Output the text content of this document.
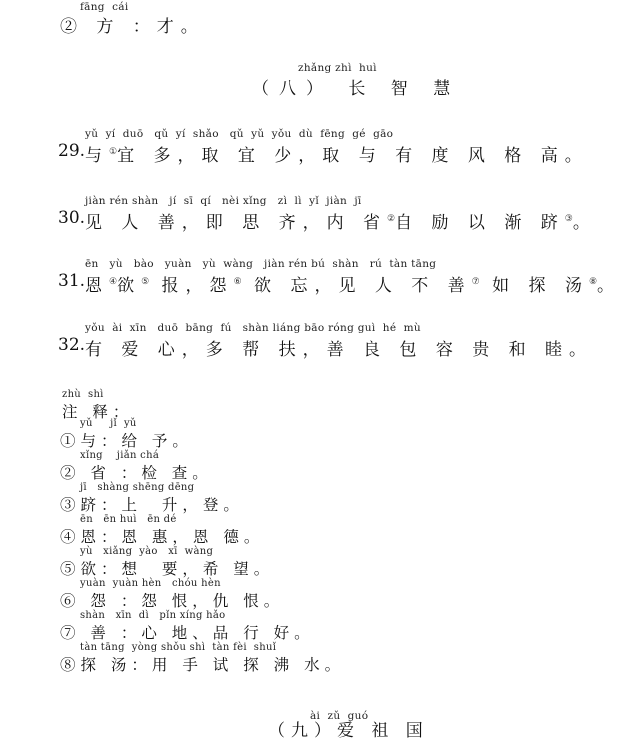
fāng  cái
② 方 ：才。
zhǎng zhì  huì
（八） 长 智 慧
yǔ  yí  duō   qǔ  yí  shǎo   qǔ  yǔ  yǒu  dù  fēng  gé  gāo
29. 与①宜 多，取 宜 少，取 与 有 度 风 格 高。
jiàn rén shàn   jí  sī  qí   nèi xǐng   zì  lì  yǐ  jiàn  jī
30. 见 人 善，即 思 齐，内 省②自 励 以 渐 跻③。
ēn   yù   bào   yuàn   yù  wàng   jiàn rén bú  shàn   rú  tàn tāng
31. 恩④欲⑤ 报，怨⑥ 欲 忘，见 人 不 善⑦ 如 探 汤⑧。
yǒu  ài  xīn   duō  bāng  fú   shàn liáng bāo róng guì  hé  mù
32. 有 爱 心，多 帮 扶，善 良 包 容 贵 和 睦。
zhù  shì
注 释：
yǔ     jǐ  yǔ
①与：给 予。
xǐng    jiǎn chá
② 省 ：检 查。
jī   shàng shēng dēng
③跻：上  升，登。
ēn   ēn huì   ēn dé
④恩：恩 惠，恩 德。
yù   xiǎng  yào   xī  wàng
⑤欲：想  要，希 望。
yuàn  yuàn hèn   chóu hèn
⑥ 怨 ：怨 恨，仇 恨。
shàn   xīn  dì   pǐn xíng hǎo
⑦ 善 ：心 地、品 行 好。
tàn tāng  yòng shǒu shì  tàn fèi  shuǐ
⑧探 汤：用 手 试 探 沸 水。
ài  zǔ  guó
（九）爱 祖 国
